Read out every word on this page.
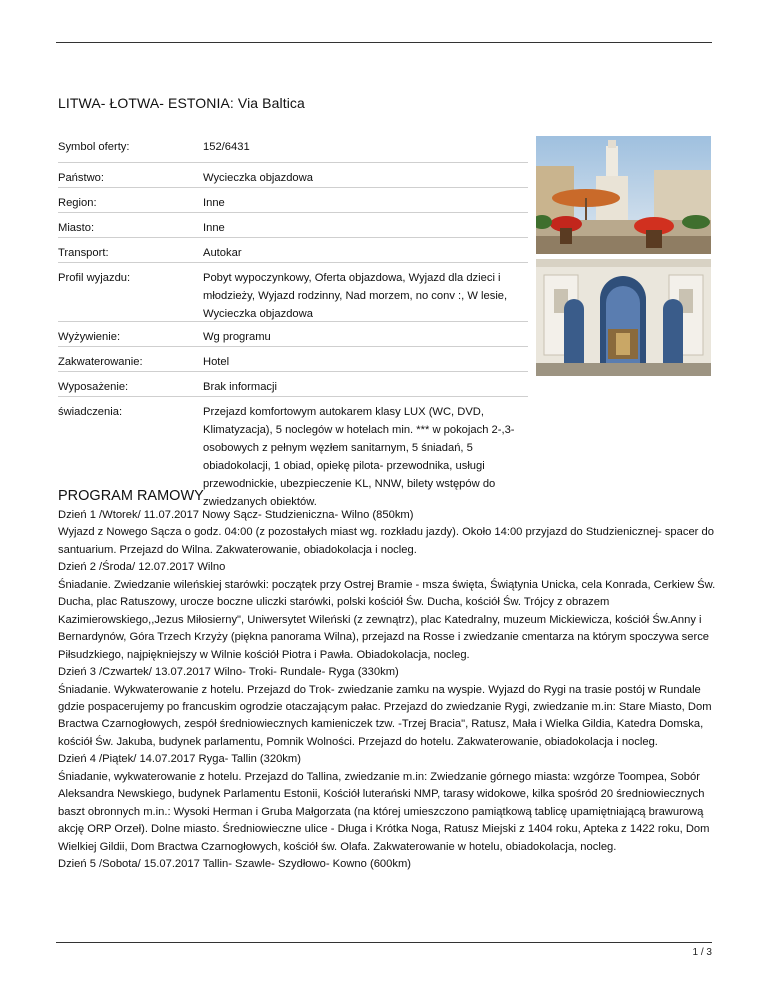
LITWA- ŁOTWA- ESTONIA: Via Baltica
Symbol oferty:	152/6431
Państwo:	Wycieczka objazdowa
Region:	Inne
Miasto:	Inne
Transport:	Autokar
Profil wyjazdu:	Pobyt wypoczynkowy, Oferta objazdowa, Wyjazd dla dzieci i młodzieży, Wyjazd rodzinny, Nad morzem, no conv :, W lesie, Wycieczka objazdowa
Wyżywienie:	Wg programu
Zakwaterowanie:	Hotel
Wyposażenie:	Brak informacji
świadczenia:	Przejazd komfortowym autokarem klasy LUX (WC, DVD, Klimatyzacja), 5 noclegów w hotelach min. *** w pokojach 2-,3-osobowych z pełnym węzłem sanitarnym, 5 śniadań, 5 obiadokolacji, 1 obiad, opiekę pilota- przewodnika, usługi przewodnickie, ubezpieczenie KL, NNW, bilety wstępów do zwiedzanych obiektów.
PROGRAM RAMOWY

Dzień 1 /Wtorek/ 11.07.2017 Nowy Sącz- Studzieniczna- Wilno (850km)

Wyjazd z Nowego Sącza o godz. 04:00 (z pozostałych miast wg. rozkładu jazdy). Około 14:00 przyjazd do Studzienicznej- spacer do santuarium. Przejazd do Wilna. Zakwaterowanie, obiadokolacja i nocleg.

Dzień 2 /Środa/ 12.07.2017 Wilno

Śniadanie. Zwiedzanie wileńskiej starówki: początek przy Ostrej Bramie - msza święta, Świątynia Unicka, cela Konrada, Cerkiew Św. Ducha, plac Ratuszowy, urocze boczne uliczki starówki, polski kościół Św. Ducha, kościół Św. Trójcy z obrazem Kazimierowskiego,,Jezus Miłosierny", Uniwersytet Wileński (z zewnątrz), plac Katedralny, muzeum Mickiewicza, kościół Św.Anny i Bernardynów, Góra Trzech Krzyży (piękna panorama Wilna), przejazd na Rosse i zwiedzanie cmentarza na którym spoczywa serce Piłsudzkiego, najpiękniejszy w Wilnie kościół Piotra i Pawła. Obiadokolacja, nocleg.

Dzień 3 /Czwartek/ 13.07.2017 Wilno- Troki- Rundale- Ryga (330km)

Śniadanie. Wykwaterowanie z hotelu. Przejazd do Trok- zwiedzanie zamku na wyspie. Wyjazd do Rygi na trasie postój w Rundale gdzie pospacerujemy po francuskim ogrodzie otaczającym pałac. Przejazd do zwiedzanie Rygi, zwiedzanie m.in: Stare Miasto, Dom Bractwa Czarnogłowych, zespół średniowiecznych kamieniczek tzw. -Trzej Bracia", Ratusz, Mała i Wielka Gildia, Katedra Domska, kościół Św. Jakuba, budynek parlamentu, Pomnik Wolności. Przejazd do hotelu. Zakwaterowanie, obiadokolacja i nocleg.

Dzień 4 /Piątek/ 14.07.2017 Ryga- Tallin (320km)

Śniadanie, wykwaterowanie z hotelu. Przejazd do Tallina, zwiedzanie m.in: Zwiedzanie górnego miasta: wzgórze Toompea, Sobór Aleksandra Newskiego, budynek Parlamentu Estonii, Kościół luterański NMP, tarasy widokowe, kilka spośród 20 średniowiecznych baszt obronnych m.in.: Wysoki Herman i Gruba Małgorzata (na której umieszczono pamiątkową tablicę upamiętniającą brawurową akcję ORP Orzeł). Dolne miasto. Średniowieczne ulice - Długa i Krótka Noga, Ratusz Miejski z 1404 roku, Apteka z 1422 roku, Dom Wielkiej Gildii, Dom Bractwa Czarnogłowych, kościół św. Olafa. Zakwaterowanie w hotelu, obiadokolacja, nocleg.

Dzień 5 /Sobota/ 15.07.2017 Tallin- Szawle- Szydłowo- Kowno (600km)

1 / 3
